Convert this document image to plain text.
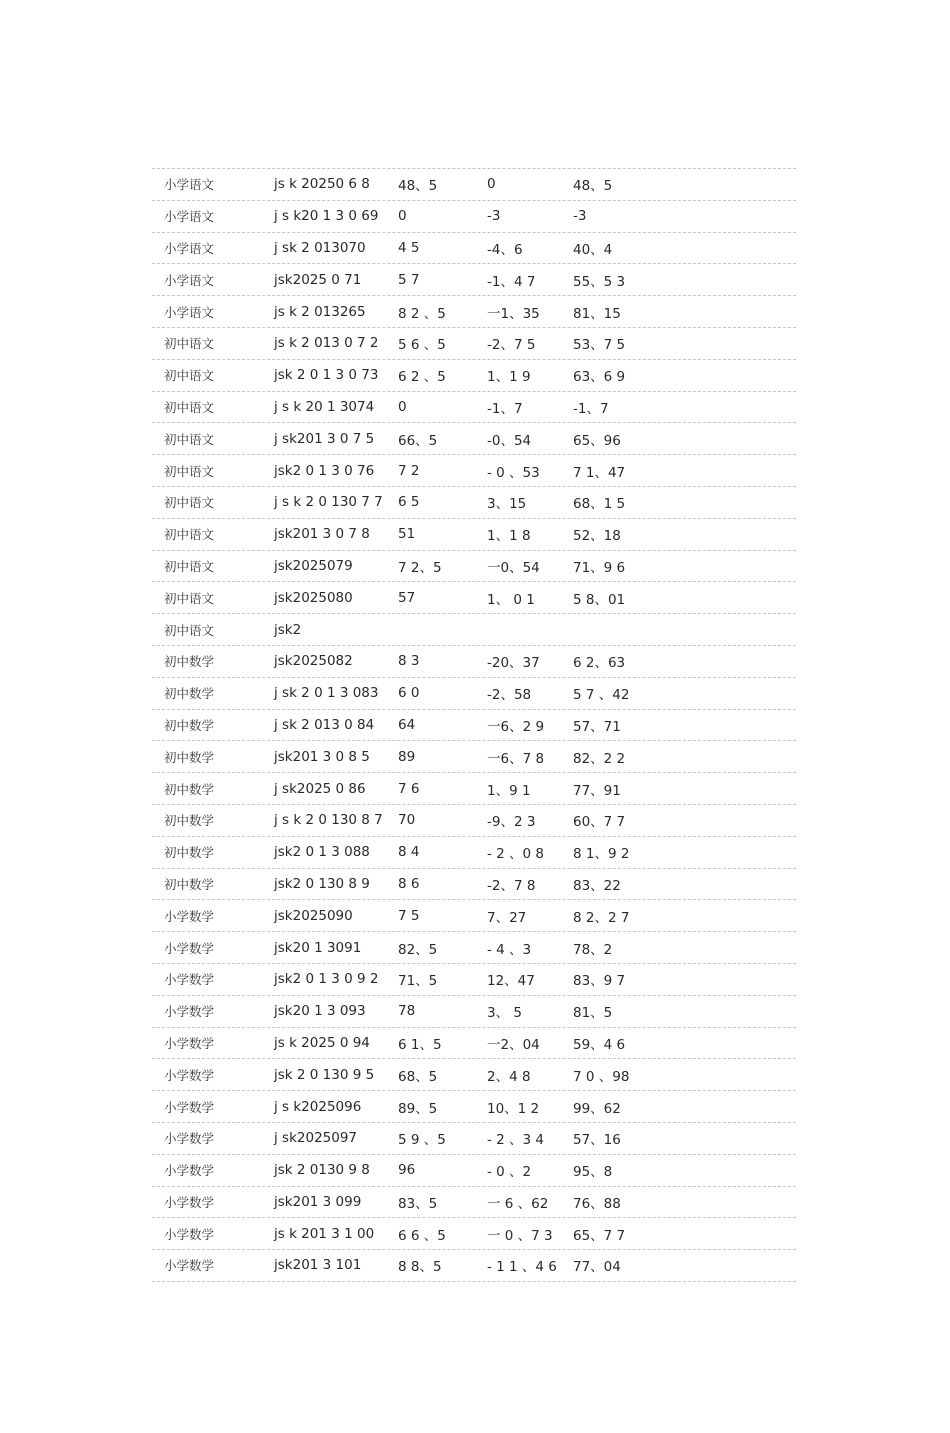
小学语文	js k 20250 6 8	48、5	0	48、5
小学语文	j s k20 1 3 0 69	0	-3	-3
小学语文	j sk 2 013070	4 5	-4、6	40、4
小学语文	jsk2025 0 71	5 7	-1、4 7	55、5 3
小学语文	js k 2 013265	8 2 、5	一1、35	81、15
初中语文	js k 2 013 0 7 2	5 6 、5	-2、7 5	53、7 5
初中语文	jsk 2 0 1 3 0 73	6 2 、5	1、1 9	63、6 9
初中语文	j s k 20 1 3074	0	-1、7	-1、7
初中语文	j sk201 3 0 7 5	66、5	-0、54	65、96
初中语文	jsk2 0 1 3 0 76	7 2	- 0 、53	7 1、47
初中语文	j s k 2 0 130 7 7	6 5	3、15	68、1 5
初中语文	jsk201 3 0 7 8	51	1、1 8	52、18
初中语文	jsk2025079	7 2、5	一0、54	71、9 6
初中语文	jsk2025080	57	1、 0 1	5 8、01
初中语文	jsk2
初中数学	jsk2025082	8 3	-20、37	6 2、63
初中数学	j sk 2 0 1 3 083	6 0	-2、58	5 7 、42
初中数学	j sk 2 013 0 84	64	一6、2 9	57、71
初中数学	jsk201 3 0 8 5	89	一6、7 8	82、2 2
初中数学	j sk2025 0 86	7 6	1、9 1	77、91
初中数学	j s k 2 0 130 8 7	70	-9、2 3	60、7 7
初中数学	jsk2 0 1 3 088	8 4	- 2 、0 8	8 1、9 2
初中数学	jsk2 0 130 8 9	8 6	-2、7 8	83、22
小学数学	jsk2025090	7 5	7、27	8 2、2 7
小学数学	jsk20 1 3091	82、5	- 4 、3	78、2
小学数学	jsk2 0 1 3 0 9 2	71、5	12、47	83、9 7
小学数学	jsk20 1 3 093	78	3、 5	81、5
小学数学	js k 2025 0 94	6 1、5	一2、04	59、4 6
小学数学	jsk 2 0 130 9 5	68、5	2、4 8	7 0 、98
小学数学	j s k2025096	89、5	10、1 2	99、62
小学数学	j sk2025097	5 9 、5	- 2 、3 4	57、16
小学数学	jsk 2 0130 9 8	96	- 0 、2	95、8
小学数学	jsk201 3 099	83、5	一 6 、62	76、88
小学数学	js k 201 3 1 00	6 6 、5	一 0 、7 3	65、7 7
小学数学	jsk201 3 101	8 8、5	- 1 1 、4 6	77、04
